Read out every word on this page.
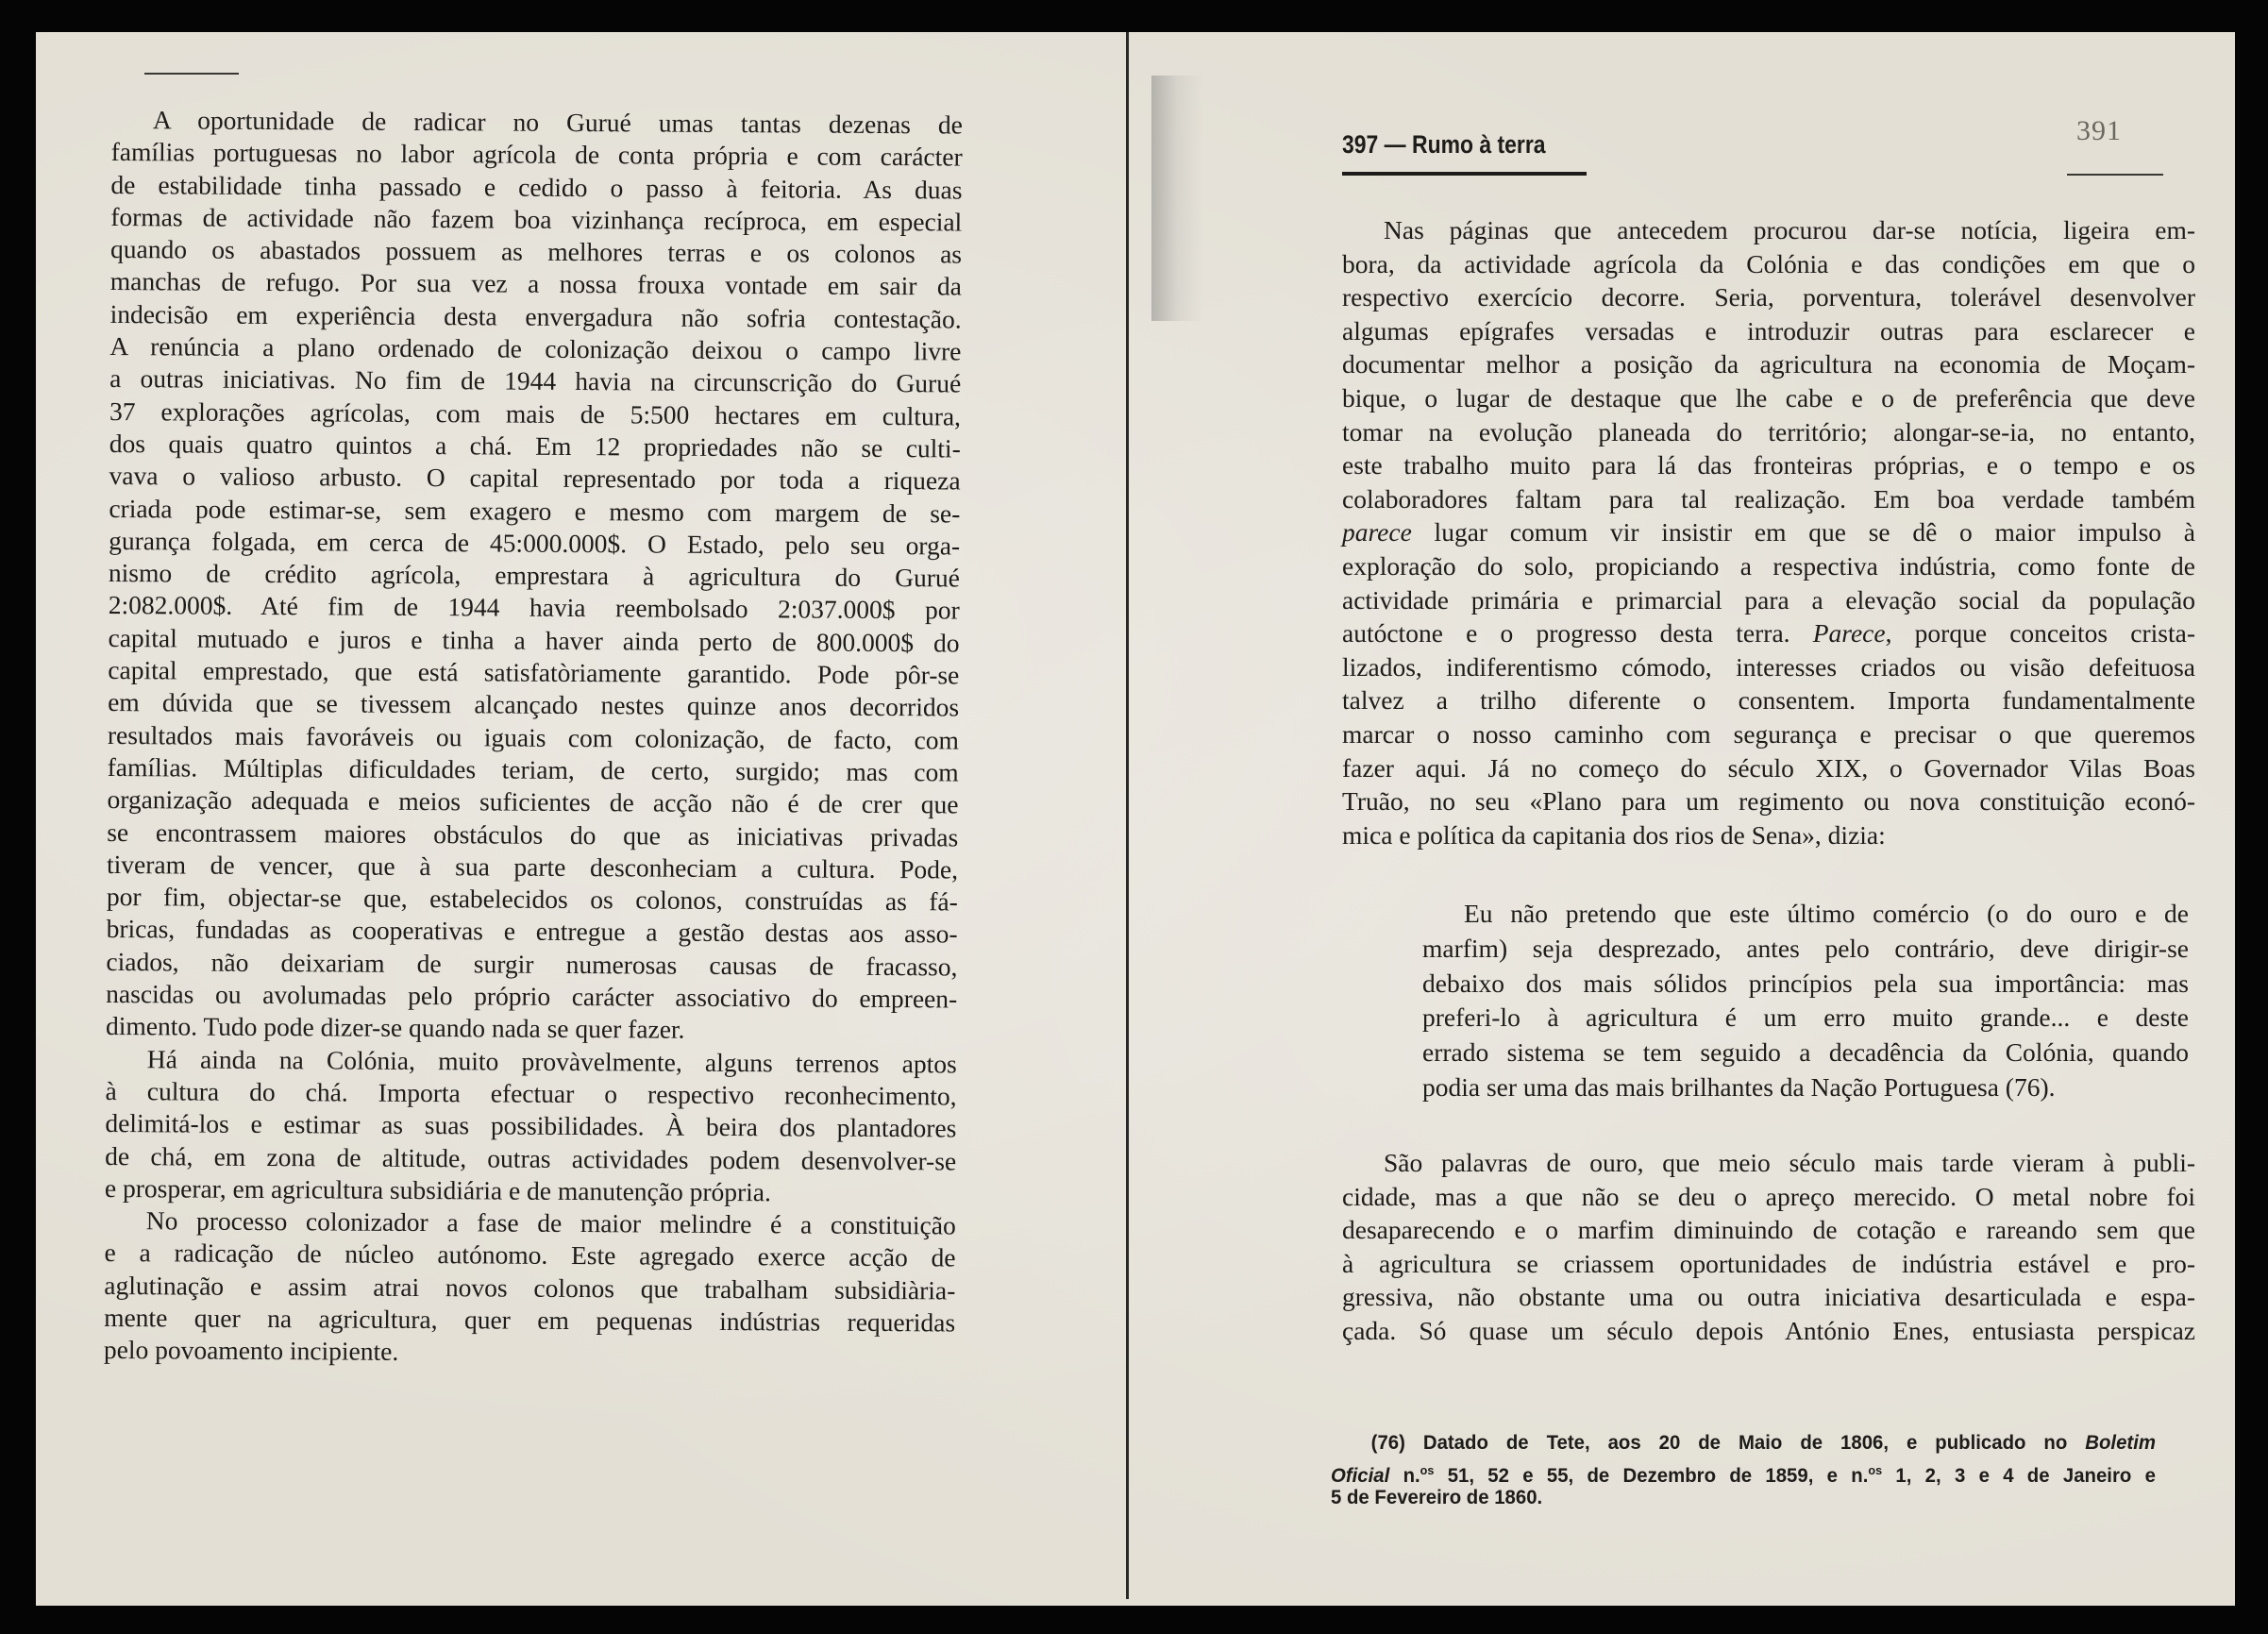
A oportunidade de radicar no Gurué umas tantas dezenas de
famílias portuguesas no labor agrícola de conta própria e com carácter
de estabilidade tinha passado e cedido o passo à feitoria. As duas
formas de actividade não fazem boa vizinhança recíproca, em especial
quando os abastados possuem as melhores terras e os colonos as
manchas de refugo. Por sua vez a nossa frouxa vontade em sair da
indecisão em experiência desta envergadura não sofria contestação.
A renúncia a plano ordenado de colonização deixou o campo livre
a outras iniciativas. No fim de 1944 havia na circunscrição do Gurué
37 explorações agrícolas, com mais de 5:500 hectares em cultura,
dos quais quatro quintos a chá. Em 12 propriedades não se culti-
vava o valioso arbusto. O capital representado por toda a riqueza
criada pode estimar-se, sem exagero e mesmo com margem de se-
gurança folgada, em cerca de 45:000.000$. O Estado, pelo seu orga-
nismo de crédito agrícola, emprestara à agricultura do Gurué
2:082.000$. Até fim de 1944 havia reembolsado 2:037.000$ por
capital mutuado e juros e tinha a haver ainda perto de 800.000$ do
capital emprestado, que está satisfatòriamente garantido. Pode pôr-se
em dúvida que se tivessem alcançado nestes quinze anos decorridos
resultados mais favoráveis ou iguais com colonização, de facto, com
famílias. Múltiplas dificuldades teriam, de certo, surgido; mas com
organização adequada e meios suficientes de acção não é de crer que
se encontrassem maiores obstáculos do que as iniciativas privadas
tiveram de vencer, que à sua parte desconheciam a cultura. Pode,
por fim, objectar-se que, estabelecidos os colonos, construídas as fá-
bricas, fundadas as cooperativas e entregue a gestão destas aos asso-
ciados, não deixariam de surgir numerosas causas de fracasso,
nascidas ou avolumadas pelo próprio carácter associativo do empreen-
dimento. Tudo pode dizer-se quando nada se quer fazer.
Há ainda na Colónia, muito provàvelmente, alguns terrenos aptos
à cultura do chá. Importa efectuar o respectivo reconhecimento,
delimitá-los e estimar as suas possibilidades. À beira dos plantadores
de chá, em zona de altitude, outras actividades podem desenvolver-se
e prosperar, em agricultura subsidiária e de manutenção própria.
No processo colonizador a fase de maior melindre é a constituição
e a radicação de núcleo autónomo. Este agregado exerce acção de
aglutinação e assim atrai novos colonos que trabalham subsidiària-
mente quer na agricultura, quer em pequenas indústrias requeridas
pelo povoamento incipiente.
391
397 — Rumo à terra
Nas páginas que antecedem procurou dar-se notícia, ligeira em-
bora, da actividade agrícola da Colónia e das condições em que o
respectivo exercício decorre. Seria, porventura, tolerável desenvolver
algumas epígrafes versadas e introduzir outras para esclarecer e
documentar melhor a posição da agricultura na economia de Moçam-
bique, o lugar de destaque que lhe cabe e o de preferência que deve
tomar na evolução planeada do território; alongar-se-ia, no entanto,
este trabalho muito para lá das fronteiras próprias, e o tempo e os
colaboradores faltam para tal realização. Em boa verdade também
parece lugar comum vir insistir em que se dê o maior impulso à
exploração do solo, propiciando a respectiva indústria, como fonte de
actividade primária e primarcial para a elevação social da população
autóctone e o progresso desta terra. Parece, porque conceitos crista-
lizados, indiferentismo cómodo, interesses criados ou visão defeituosa
talvez a trilho diferente o consentem. Importa fundamentalmente
marcar o nosso caminho com segurança e precisar o que queremos
fazer aqui. Já no começo do século XIX, o Governador Vilas Boas
Truão, no seu «Plano para um regimento ou nova constituição econó-
mica e política da capitania dos rios de Sena», dizia:
Eu não pretendo que este último comércio (o do ouro e de
marfim) seja desprezado, antes pelo contrário, deve dirigir-se
debaixo dos mais sólidos princípios pela sua importância: mas
preferi-lo à agricultura é um erro muito grande... e deste
errado sistema se tem seguido a decadência da Colónia, quando
podia ser uma das mais brilhantes da Nação Portuguesa (76).
São palavras de ouro, que meio século mais tarde vieram à publi-
cidade, mas a que não se deu o apreço merecido. O metal nobre foi
desaparecendo e o marfim diminuindo de cotação e rareando sem que
à agricultura se criassem oportunidades de indústria estável e pro-
gressiva, não obstante uma ou outra iniciativa desarticulada e espa-
çada. Só quase um século depois António Enes, entusiasta perspicaz
(76) Datado de Tete, aos 20 de Maio de 1806, e publicado no Boletim
Oficial n.$^{os}$ 51, 52 e 55, de Dezembro de 1859, e n.$^{os}$ 1, 2, 3 e 4 de Janeiro e
5 de Fevereiro de 1860.
